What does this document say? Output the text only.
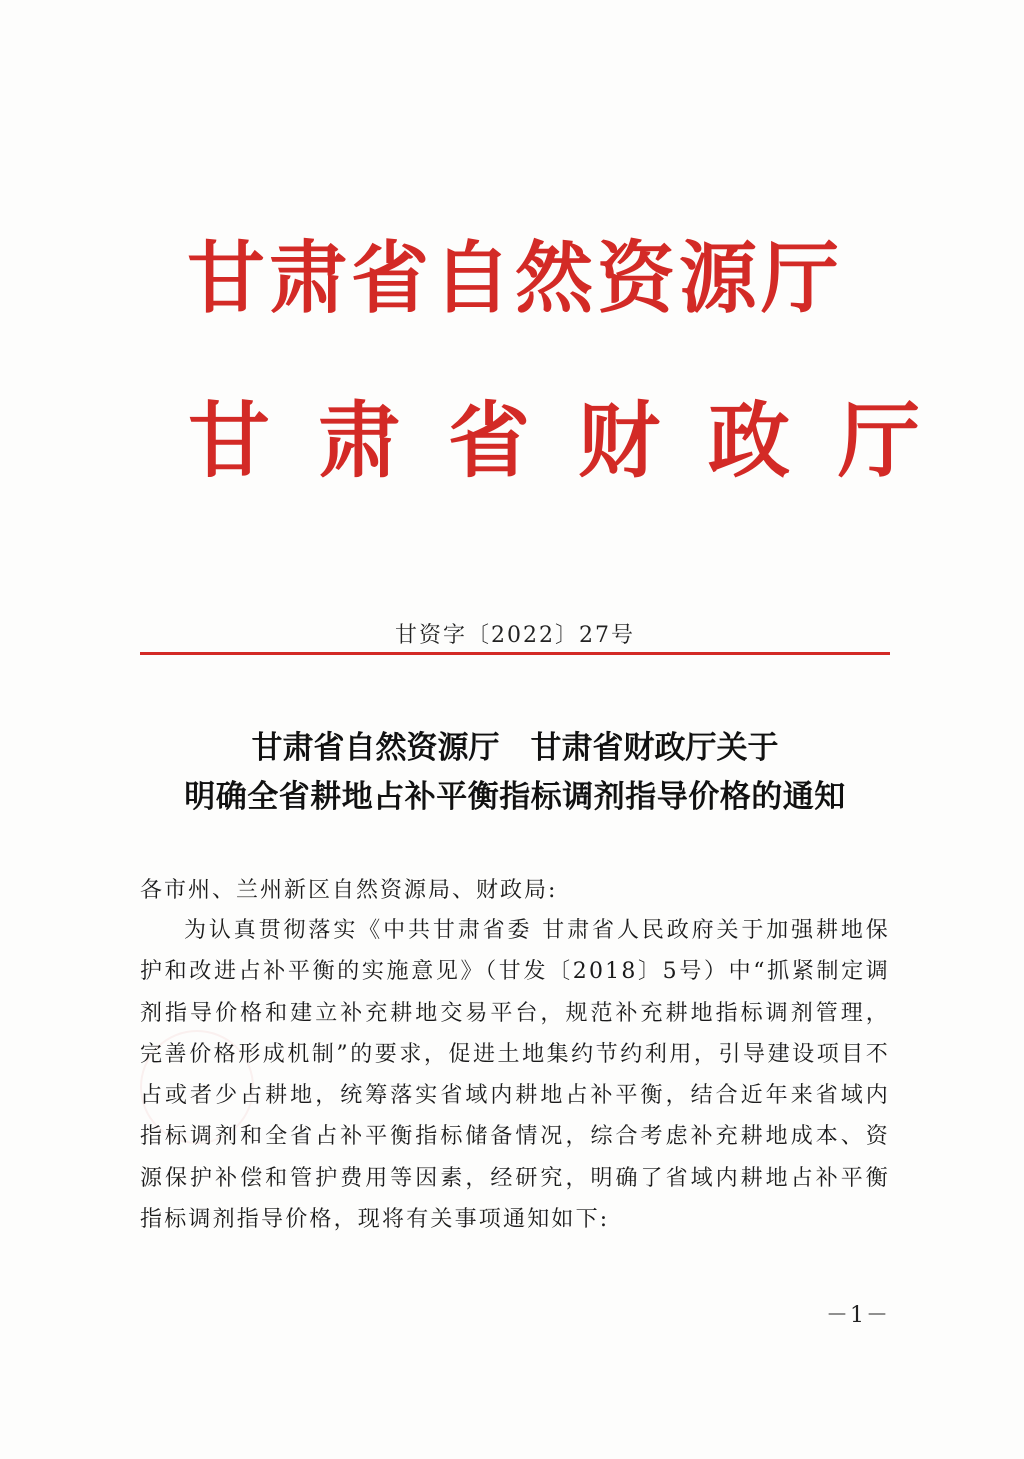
甘肃省自然资源厅
甘肃省财政厅
甘资字〔2022〕27号
甘肃省自然资源厅　甘肃省财政厅关于
明确全省耕地占补平衡指标调剂指导价格的通知
各市州、兰州新区自然资源局、财政局:
为认真贯彻落实《中共甘肃省委 甘肃省人民政府关于加强耕地保护和改进占补平衡的实施意见》（甘发〔2018〕5号）中“抓紧制定调剂指导价格和建立补充耕地交易平台，规范补充耕地指标调剂管理，完善价格形成机制”的要求，促进土地集约节约利用，引导建设项目不占或者少占耕地，统筹落实省域内耕地占补平衡，结合近年来省域内指标调剂和全省占补平衡指标储备情况，综合考虑补充耕地成本、资源保护补偿和管护费用等因素，经研究，明确了省域内耕地占补平衡指标调剂指导价格，现将有关事项通知如下:
－1－
